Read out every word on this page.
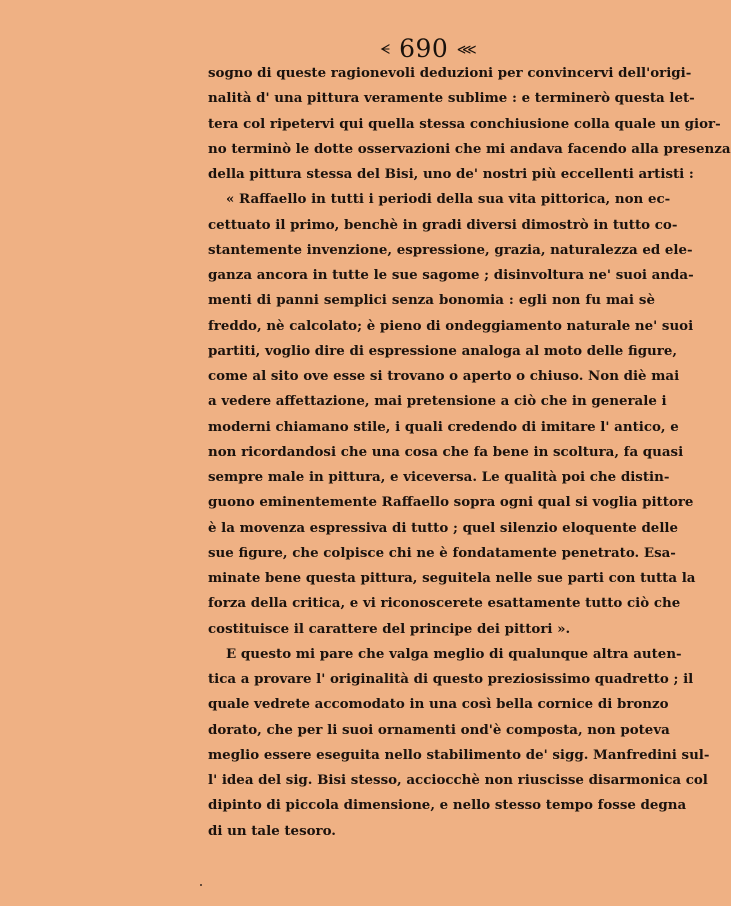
ᗕ 690 ⋘
sogno di queste ragionevoli deduzioni per convincervi dell'origi-
nalità d' una pittura veramente sublime : e terminerò questa let-
tera col ripetervi qui quella stessa conchiusione colla quale un gior-
no terminò le dotte osservazioni che mi andava facendo alla presenza
della pittura stessa del Bisi, uno de' nostri più eccellenti artisti :
« Raffaello in tutti i periodi della sua vita pittorica, non ec-
cettuato il primo, benchè in gradi diversi dimostrò in tutto co-
stantemente invenzione, espressione, grazia, naturalezza ed ele-
ganza ancora in tutte le sue sagome ; disinvoltura ne' suoi anda-
menti di panni semplici senza bonomia : egli non fu mai sè
freddo, nè calcolato; è pieno di ondeggiamento naturale ne' suoi
partiti, voglio dire di espressione analoga al moto delle figure,
come al sito ove esse si trovano o aperto o chiuso. Non diè mai
a vedere affettazione, mai pretensione a ciò che in generale i
moderni chiamano stile, i quali credendo di imitare l' antico, e
non ricordandosi che una cosa che fa bene in scoltura, fa quasi
sempre male in pittura, e viceversa. Le qualità poi che distin-
guono eminentemente Raffaello sopra ogni qual si voglia pittore
è la movenza espressiva di tutto ; quel silenzio eloquente delle
sue figure, che colpisce chi ne è fondatamente penetrato. Esa-
minate bene questa pittura, seguitela nelle sue parti con tutta la
forza della critica, e vi riconoscerete esattamente tutto ciò che
costituisce il carattere del principe dei pittori ».
E questo mi pare che valga meglio di qualunque altra auten-
tica a provare l' originalità di questo preziosissimo quadretto ; il
quale vedrete accomodato in una così bella cornice di bronzo
dorato, che per li suoi ornamenti ond'è composta, non poteva
meglio essere eseguita nello stabilimento de' sigg. Manfredini sul-
l' idea del sig. Bisi stesso, acciocchè non riuscisse disarmonica col
dipinto di piccola dimensione, e nello stesso tempo fosse degna
di un tale tesoro.
